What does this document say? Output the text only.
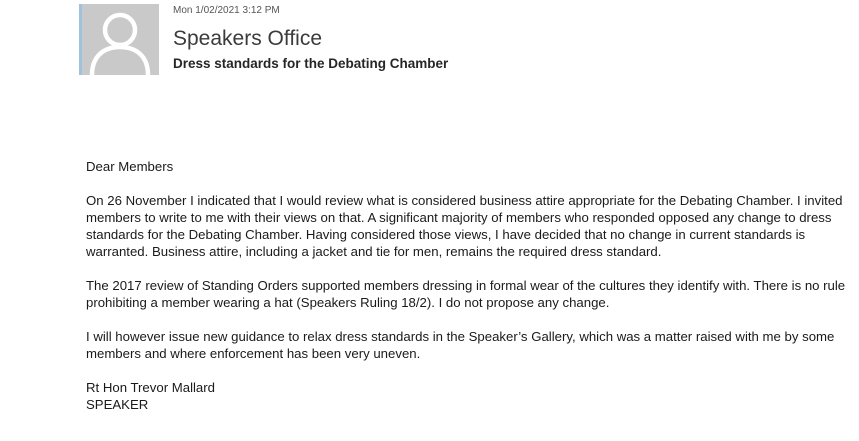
Mon 1/02/2021 3:12 PM
Speakers Office
Dress standards for the Debating Chamber

Dear Members

On 26 November I indicated that I would review what is considered business attire appropriate for the Debating Chamber. I invited members to write to me with their views on that. A significant majority of members who responded opposed any change to dress standards for the Debating Chamber. Having considered those views, I have decided that no change in current standards is warranted. Business attire, including a jacket and tie for men, remains the required dress standard.

The 2017 review of Standing Orders supported members dressing in formal wear of the cultures they identify with. There is no rule prohibiting a member wearing a hat (Speakers Ruling 18/2). I do not propose any change.

I will however issue new guidance to relax dress standards in the Speaker’s Gallery, which was a matter raised with me by some members and where enforcement has been very uneven.

Rt Hon Trevor Mallard

SPEAKER
